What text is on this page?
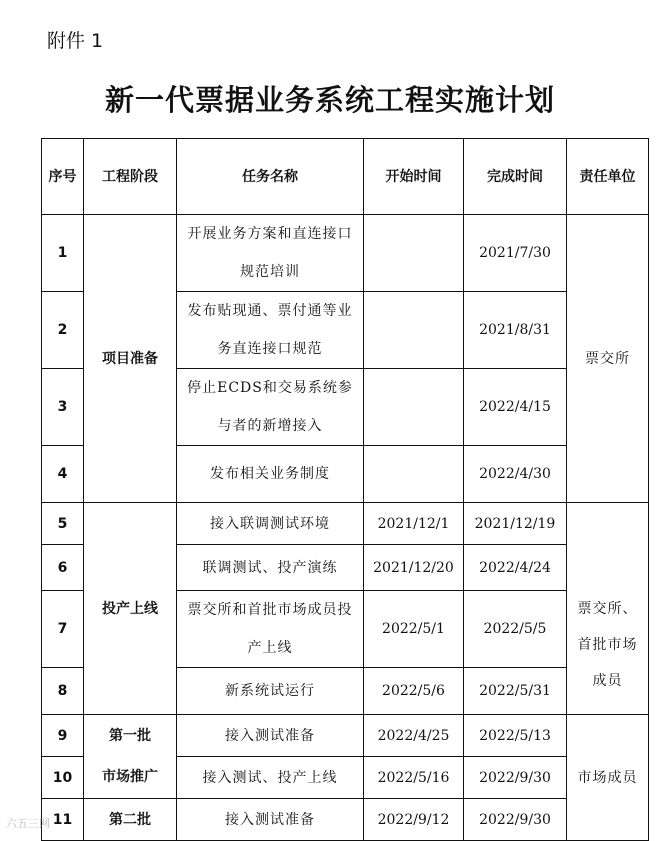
附件 1
新一代票据业务系统工程实施计划
序号	工程阶段	任务名称	开始时间	完成时间	责任单位
1	项目准备	开展业务方案和直连接口规范培训		2021/7/30	票交所
2		发布贴现通、票付通等业务直连接口规范		2021/8/31	
3		停止ECDS和交易系统参与者的新增接入		2022/4/15	
4		发布相关业务制度		2022/4/30	
5	投产上线	接入联调测试环境	2021/12/1	2021/12/19	
6		联调测试、投产演练	2021/12/20	2022/4/24	
7		票交所和首批市场成员投产上线	2022/5/1	2022/5/5	票交所、首批市场成员
8		新系统试运行	2022/5/6	2022/5/31	
9	第一批	接入测试准备	2022/4/25	2022/5/13	市场成员
10	市场推广	接入测试、投产上线	2022/5/16	2022/9/30	
11	第二批	接入测试准备	2022/9/12	2022/9/30	
六五三网
